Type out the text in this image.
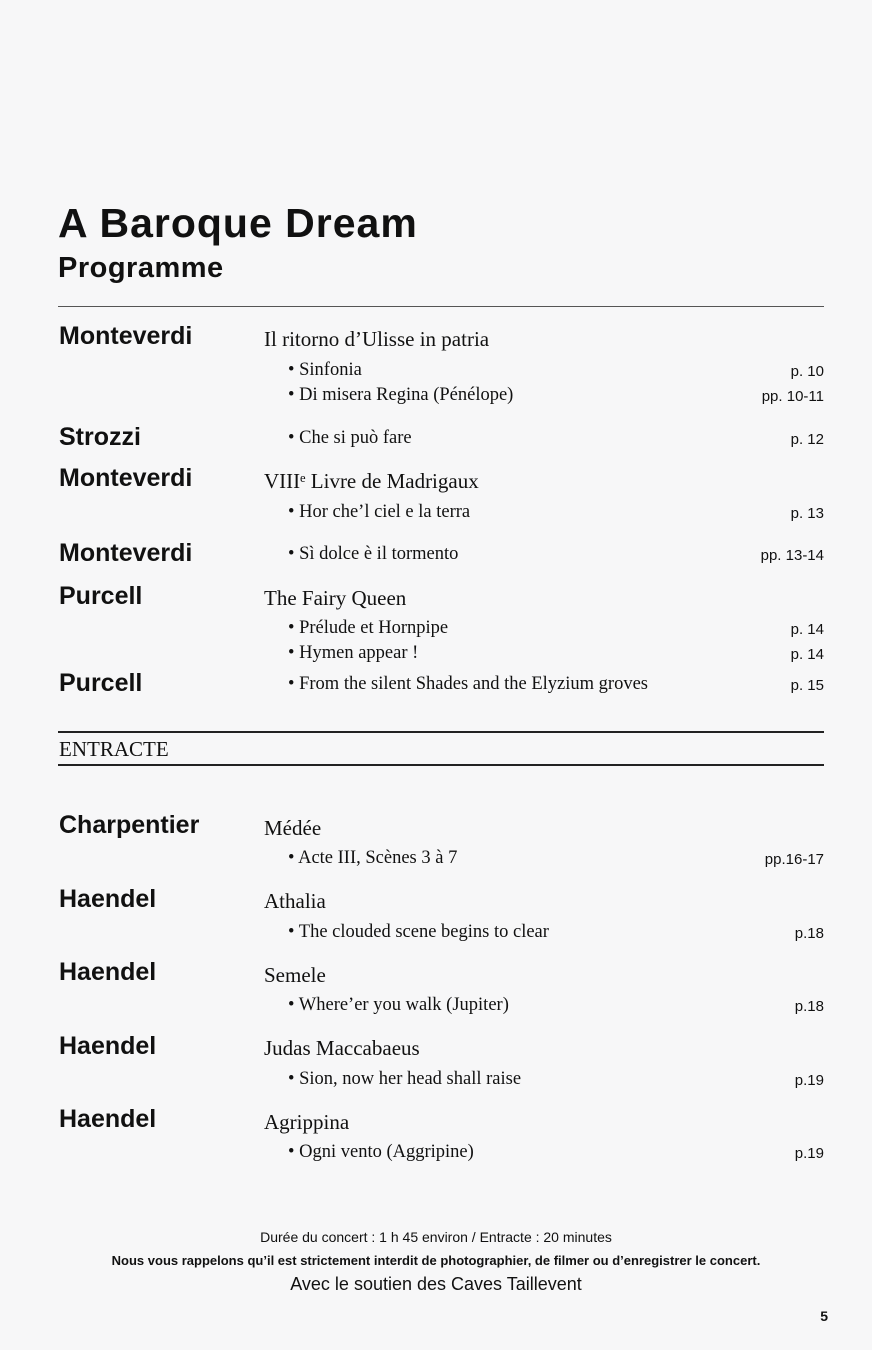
A Baroque Dream
Programme
Monteverdi	Il ritorno d’Ulisse in patria
• Sinfonia	p. 10
• Di misera Regina (Pénélope)	pp. 10-11
Strozzi	• Che si può fare	p. 12
Monteverdi	VIIIᵉ Livre de Madrigaux
• Hor che’l ciel e la terra	p. 13
Monteverdi	• Sì dolce è il tormento	pp. 13-14
Purcell	The Fairy Queen
• Prélude et Hornpipe	p. 14
• Hymen appear !	p. 14
Purcell	• From the silent Shades and the Elyzium groves	p. 15
ENTRACTE
Charpentier	Médée
• Acte III, Scènes 3 à 7	pp.16-17
Haendel	Athalia
• The clouded scene begins to clear	p.18
Haendel	Semele
• Where’er you walk (Jupiter)	p.18
Haendel	Judas Maccabaeus
• Sion, now her head shall raise	p.19
Haendel	Agrippina
• Ogni vento (Aggripine)	p.19
Durée du concert : 1 h 45 environ / Entracte : 20 minutes
Nous vous rappelons qu’il est strictement interdit de photographier, de filmer ou d’enregistrer le concert.
Avec le soutien des Caves Taillevent
5
